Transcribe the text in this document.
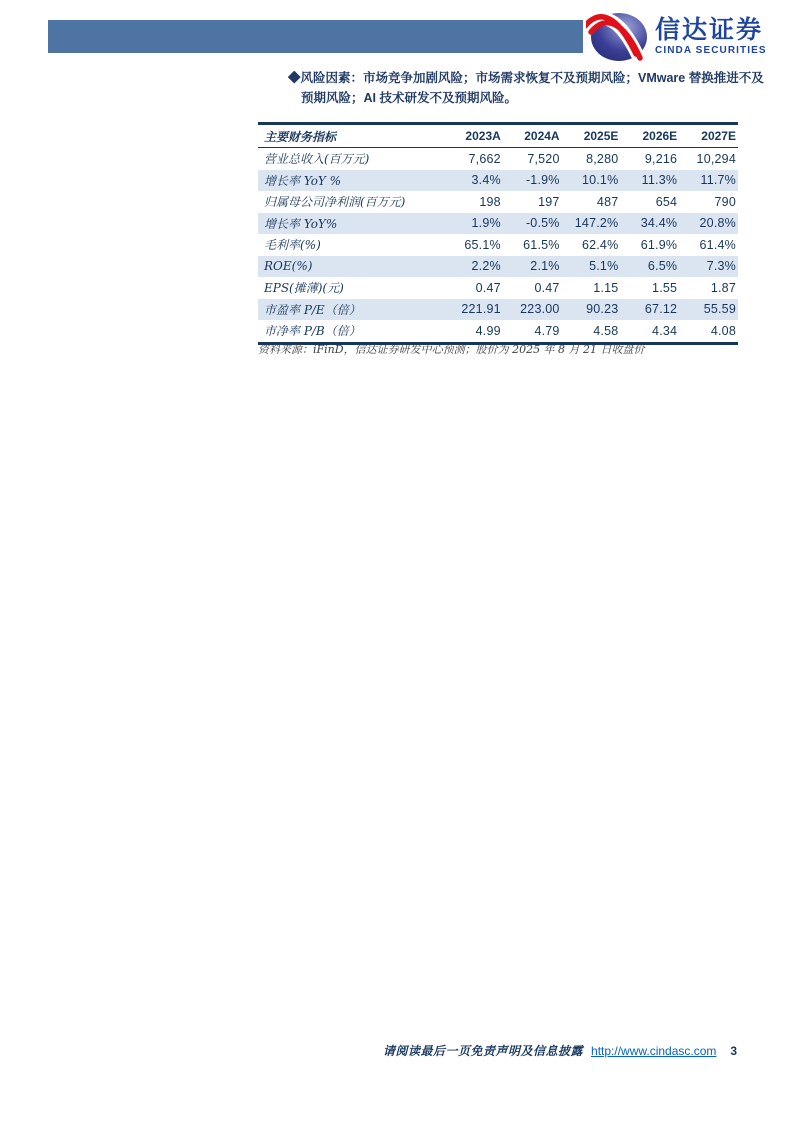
信达证券
CINDA SECURITIES

◆风险因素：市场竞争加剧风险；市场需求恢复不及预期风险；VMware 替换推进不及预期风险；AI 技术研发不及预期风险。

主要财务指标	2023A	2024A	2025E	2026E	2027E
营业总收入(百万元)	7,662	7,520	8,280	9,216	10,294
增长率 YoY %	3.4%	-1.9%	10.1%	11.3%	11.7%
归属母公司净利润(百万元)	198	197	487	654	790
增长率 YoY%	1.9%	-0.5%	147.2%	34.4%	20.8%
毛利率(%)	65.1%	61.5%	62.4%	61.9%	61.4%
ROE(%)	2.2%	2.1%	5.1%	6.5%	7.3%
EPS(摊薄)(元)	0.47	0.47	1.15	1.55	1.87
市盈率 P/E（倍）	221.91	223.00	90.23	67.12	55.59
市净率 P/B（倍）	4.99	4.79	4.58	4.34	4.08
资料来源：iFinD，信达证券研发中心预测；股价为 2025 年 8 月 21 日收盘价
请阅读最后一页免责声明及信息披露 http://www.cindasc.com 3
